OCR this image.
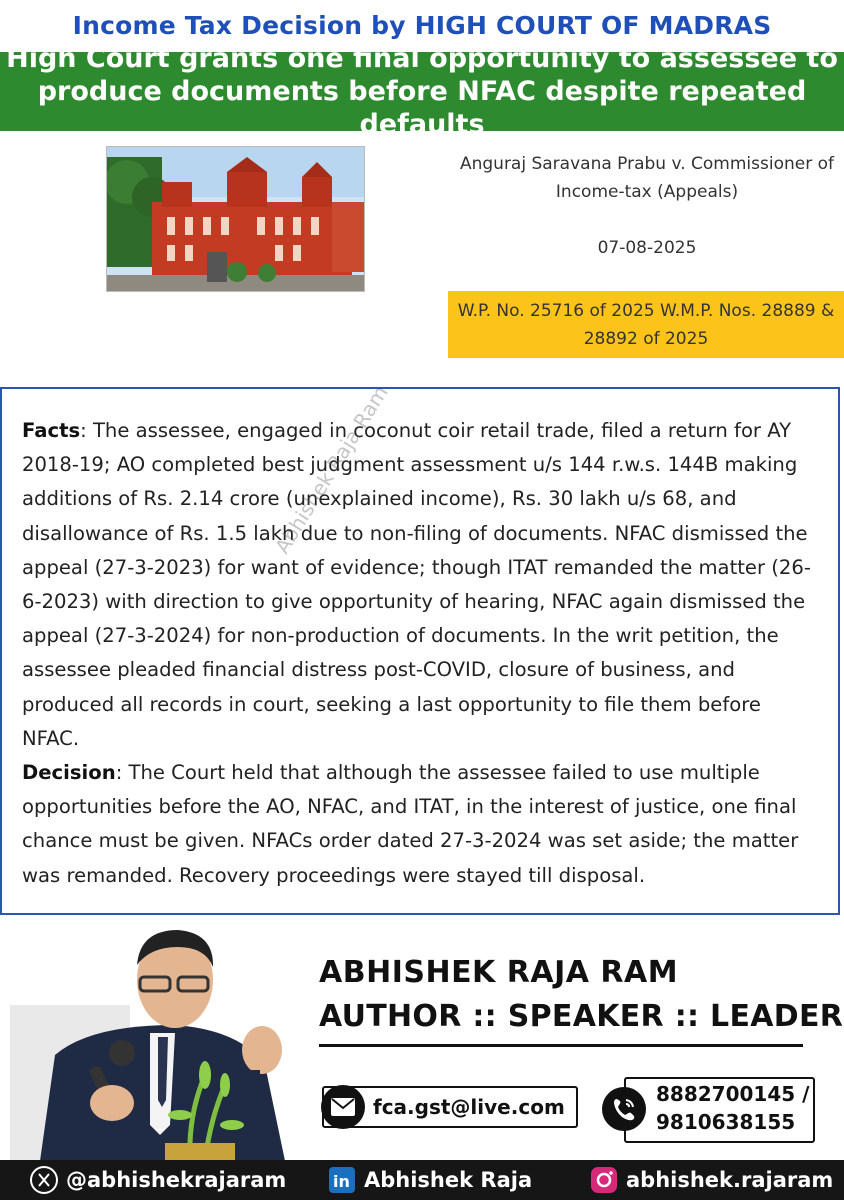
Income Tax Decision by HIGH COURT OF MADRAS
High Court grants one final opportunity to assessee to produce documents before NFAC despite repeated defaults
Anguraj Saravana Prabu v. Commissioner of Income-tax (Appeals)
07-08-2025
W.P. No. 25716 of 2025 W.M.P. Nos. 28889 & 28892 of 2025

Facts: The assessee, engaged in coconut coir retail trade, filed a return for AY 2018-19; AO completed best judgment assessment u/s 144 r.w.s. 144B making additions of Rs. 2.14 crore (unexplained income), Rs. 30 lakh u/s 68, and disallowance of Rs. 1.5 lakh due to non-filing of documents. NFAC dismissed the appeal (27-3-2023) for want of evidence; though ITAT remanded the matter (26-6-2023) with direction to give opportunity of hearing, NFAC again dismissed the appeal (27-3-2024) for non-production of documents. In the writ petition, the assessee pleaded financial distress post-COVID, closure of business, and produced all records in court, seeking a last opportunity to file them before NFAC.

Decision: The Court held that although the assessee failed to use multiple opportunities before the AO, NFAC, and ITAT, in the interest of justice, one final chance must be given. NFACs order dated 27-3-2024 was set aside; the matter was remanded. Recovery proceedings were stayed till disposal.

Abhishek Raja Ram
ABHISHEK RAJA RAM
AUTHOR :: SPEAKER :: LEADER
fca.gst@live.com
8882700145 / 9810638155
@abhishekrajaram	in Abhishek Raja	abhishek.rajaram
